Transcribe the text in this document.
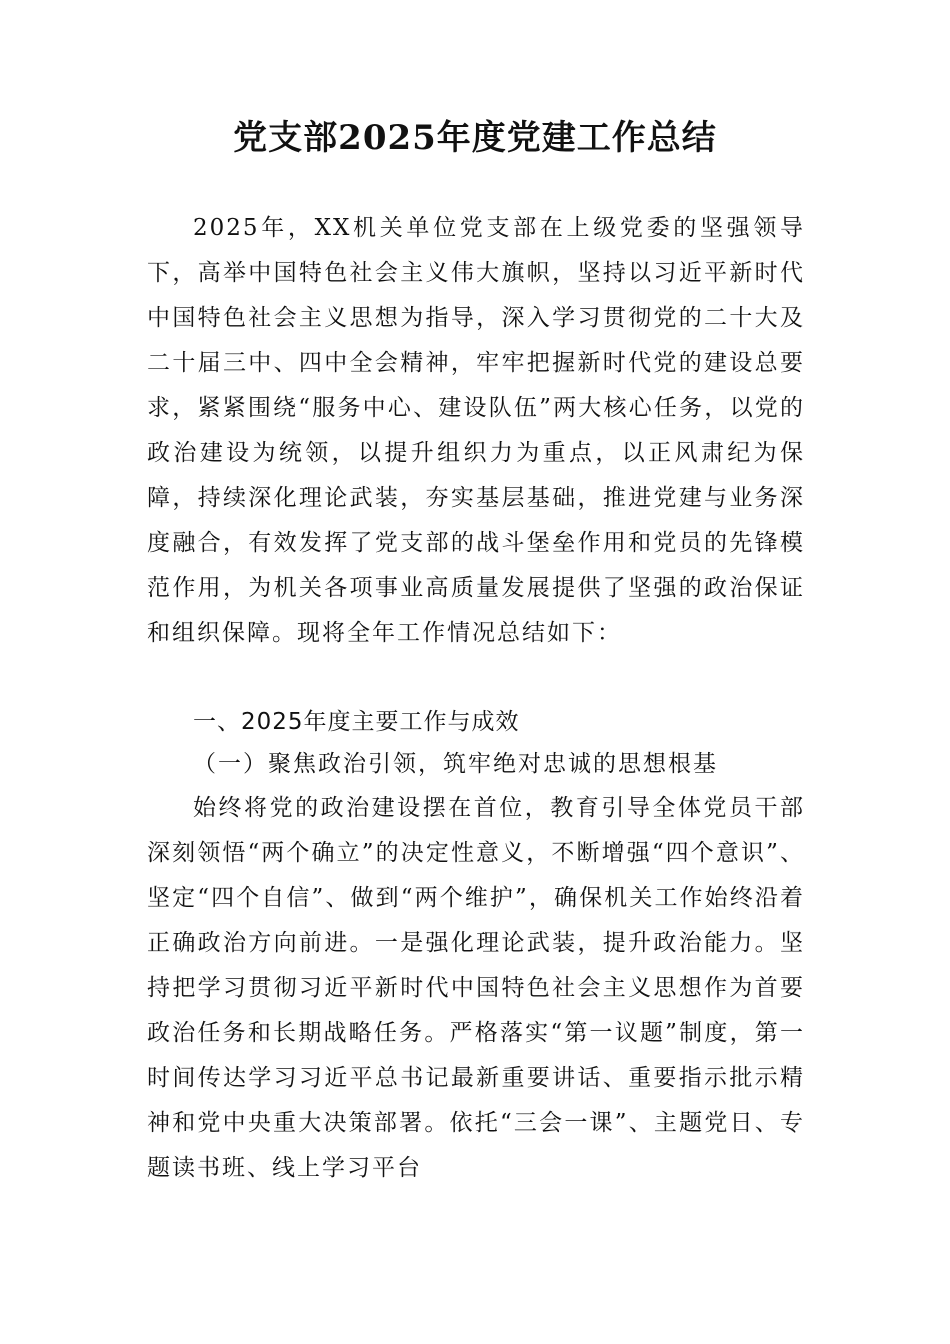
党支部2025年度党建工作总结
2025年，XX机关单位党支部在上级党委的坚强领导下，高举中国特色社会主义伟大旗帜，坚持以习近平新时代中国特色社会主义思想为指导，深入学习贯彻党的二十大及二十届三中、四中全会精神，牢牢把握新时代党的建设总要求，紧紧围绕“服务中心、建设队伍”两大核心任务，以党的政治建设为统领，以提升组织力为重点，以正风肃纪为保障，持续深化理论武装，夯实基层基础，推进党建与业务深度融合，有效发挥了党支部的战斗堡垒作用和党员的先锋模范作用，为机关各项事业高质量发展提供了坚强的政治保证和组织保障。现将全年工作情况总结如下：
一、2025年度主要工作与成效
（一）聚焦政治引领，筑牢绝对忠诚的思想根基
始终将党的政治建设摆在首位，教育引导全体党员干部深刻领悟“两个确立”的决定性意义，不断增强“四个意识”、坚定“四个自信”、做到“两个维护”，确保机关工作始终沿着正确政治方向前进。一是强化理论武装，提升政治能力。坚持把学习贯彻习近平新时代中国特色社会主义思想作为首要政治任务和长期战略任务。严格落实“第一议题”制度，第一时间传达学习习近平总书记最新重要讲话、重要指示批示精神和党中央重大决策部署。依托“三会一课”、主题党日、专题读书班、线上学习平台
